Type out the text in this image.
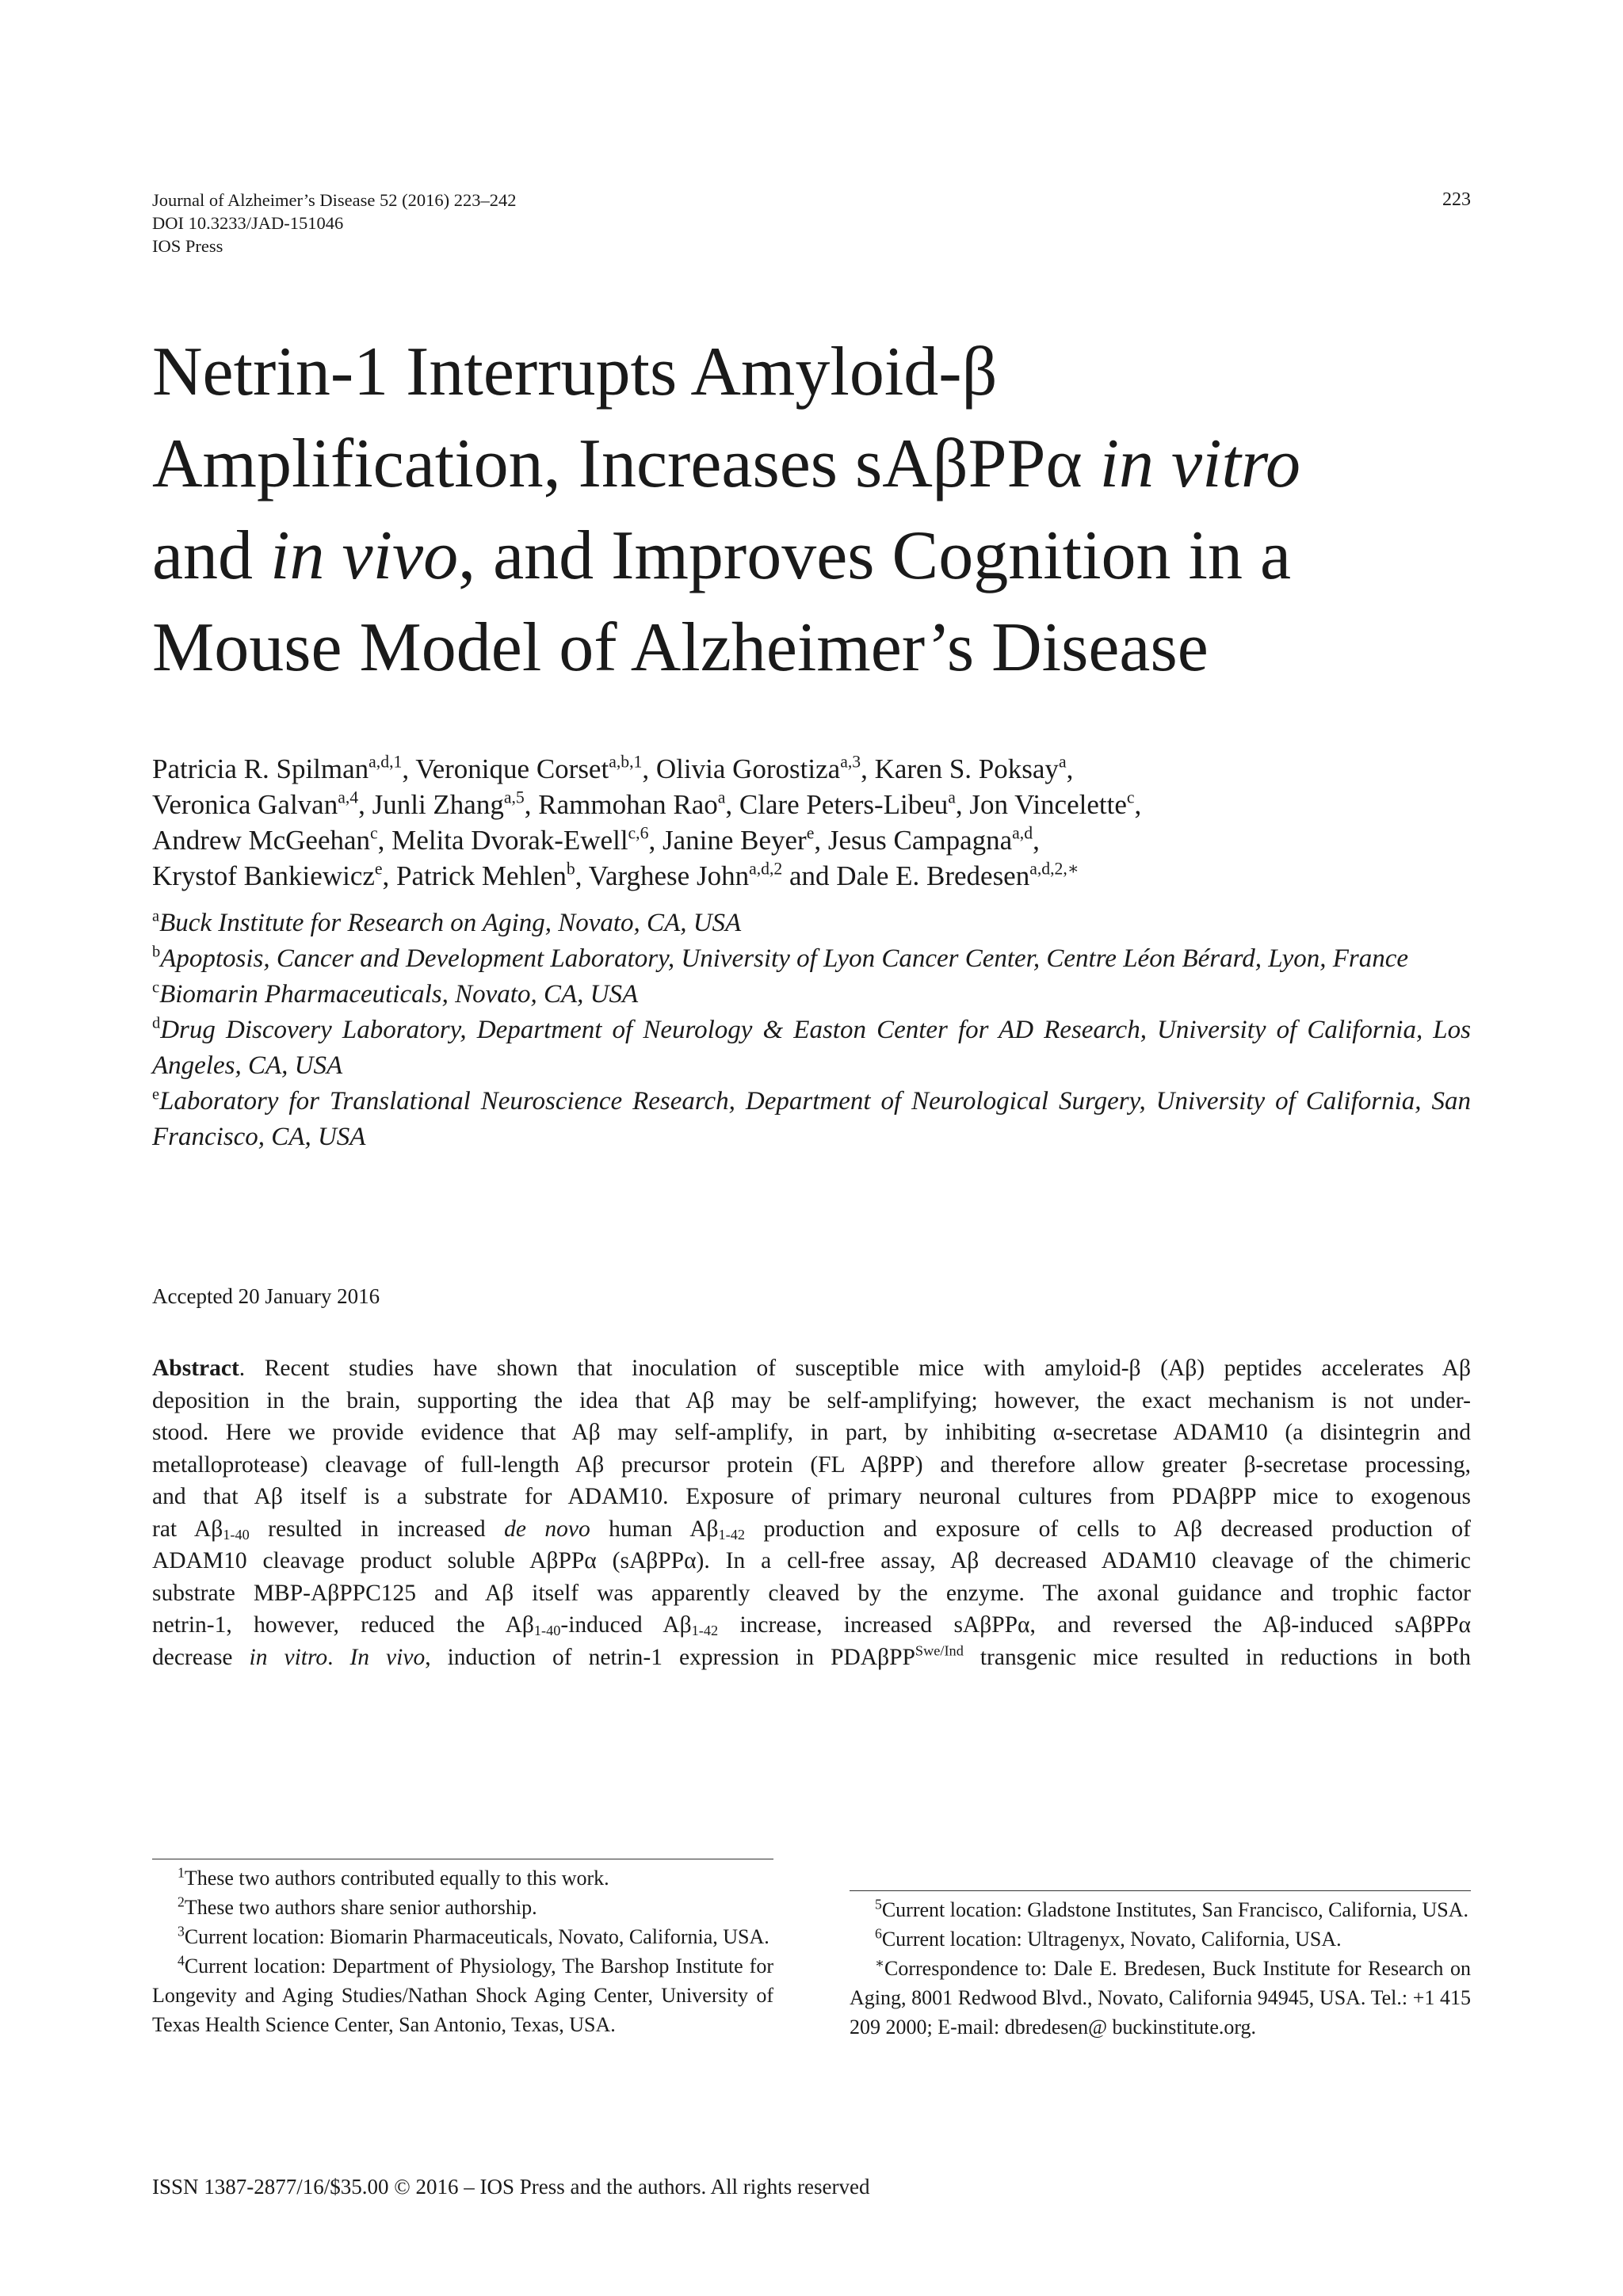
Journal of Alzheimer’s Disease 52 (2016) 223–242
DOI 10.3233/JAD-151046
IOS Press
223
Netrin-1 Interrupts Amyloid-β
Amplification, Increases sAβPPα in vitro
and in vivo, and Improves Cognition in a
Mouse Model of Alzheimer’s Disease
Patricia R. Spilman$^{a,d,1}$, Veronique Corset$^{a,b,1}$, Olivia Gorostiza$^{a,3}$, Karen S. Poksay$^a$,
Veronica Galvan$^{a,4}$, Junli Zhang$^{a,5}$, Rammohan Rao$^a$, Clare Peters-Libeu$^a$, Jon Vincelette$^c$,
Andrew McGeehan$^c$, Melita Dvorak-Ewell$^{c,6}$, Janine Beyer$^e$, Jesus Campagna$^{a,d}$,
Krystof Bankiewicz$^e$, Patrick Mehlen$^b$, Varghese John$^{a,d,2}$ and Dale E. Bredesen$^{a,d,2,∗}$
$^a$Buck Institute for Research on Aging, Novato, CA, USA
$^b$Apoptosis, Cancer and Development Laboratory, University of Lyon Cancer Center, Centre Léon Bérard, Lyon, France
$^c$Biomarin Pharmaceuticals, Novato, CA, USA
$^d$Drug Discovery Laboratory, Department of Neurology & Easton Center for AD Research, University of California, Los Angeles, CA, USA
$^e$Laboratory for Translational Neuroscience Research, Department of Neurological Surgery, University of California, San Francisco, CA, USA
Accepted 20 January 2016

Abstract. Recent studies have shown that inoculation of susceptible mice with amyloid-β (Aβ) peptides accelerates Aβ

deposition in the brain, supporting the idea that Aβ may be self-amplifying; however, the exact mechanism is not under-

stood. Here we provide evidence that Aβ may self-amplify, in part, by inhibiting α-secretase ADAM10 (a disintegrin and

metalloprotease) cleavage of full-length Aβ precursor protein (FL AβPP) and therefore allow greater β-secretase processing,

and that Aβ itself is a substrate for ADAM10. Exposure of primary neuronal cultures from PDAβPP mice to exogenous

rat $A\beta_{1-40}$ resulted in increased de novo human $A\beta_{1-42}$ production and exposure of cells to Aβ decreased production of

ADAM10 cleavage product soluble AβPPα (sAβPPα). In a cell-free assay, Aβ decreased ADAM10 cleavage of the chimeric

substrate MBP-AβPPC125 and Aβ itself was apparently cleaved by the enzyme. The axonal guidance and trophic factor

netrin-1, however, reduced the $A\beta_{1-40}$-induced $A\beta_{1-42}$ increase, increased sAβPPα, and reversed the Aβ-induced sAβPPα

decrease in vitro. In vivo, induction of netrin-1 expression in PDAβPP$^{Swe/Ind}$ transgenic mice resulted in reductions in both

$^1$These two authors contributed equally to this work.

$^2$These two authors share senior authorship.

$^3$Current location: Biomarin Pharmaceuticals, Novato, California, USA.

$^4$Current location: Department of Physiology, The Barshop Institute for Longevity and Aging Studies/Nathan Shock Aging Center, University of Texas Health Science Center, San Antonio, Texas, USA.

$^5$Current location: Gladstone Institutes, San Francisco, California, USA.

$^6$Current location: Ultragenyx, Novato, California, USA.

∗Correspondence to: Dale E. Bredesen, Buck Institute for Research on Aging, 8001 Redwood Blvd., Novato, California 94945, USA. Tel.: +1 415 209 2000; E-mail: dbredesen@ buckinstitute.org.

ISSN 1387-2877/16/$35.00 © 2016 – IOS Press and the authors. All rights reserved
